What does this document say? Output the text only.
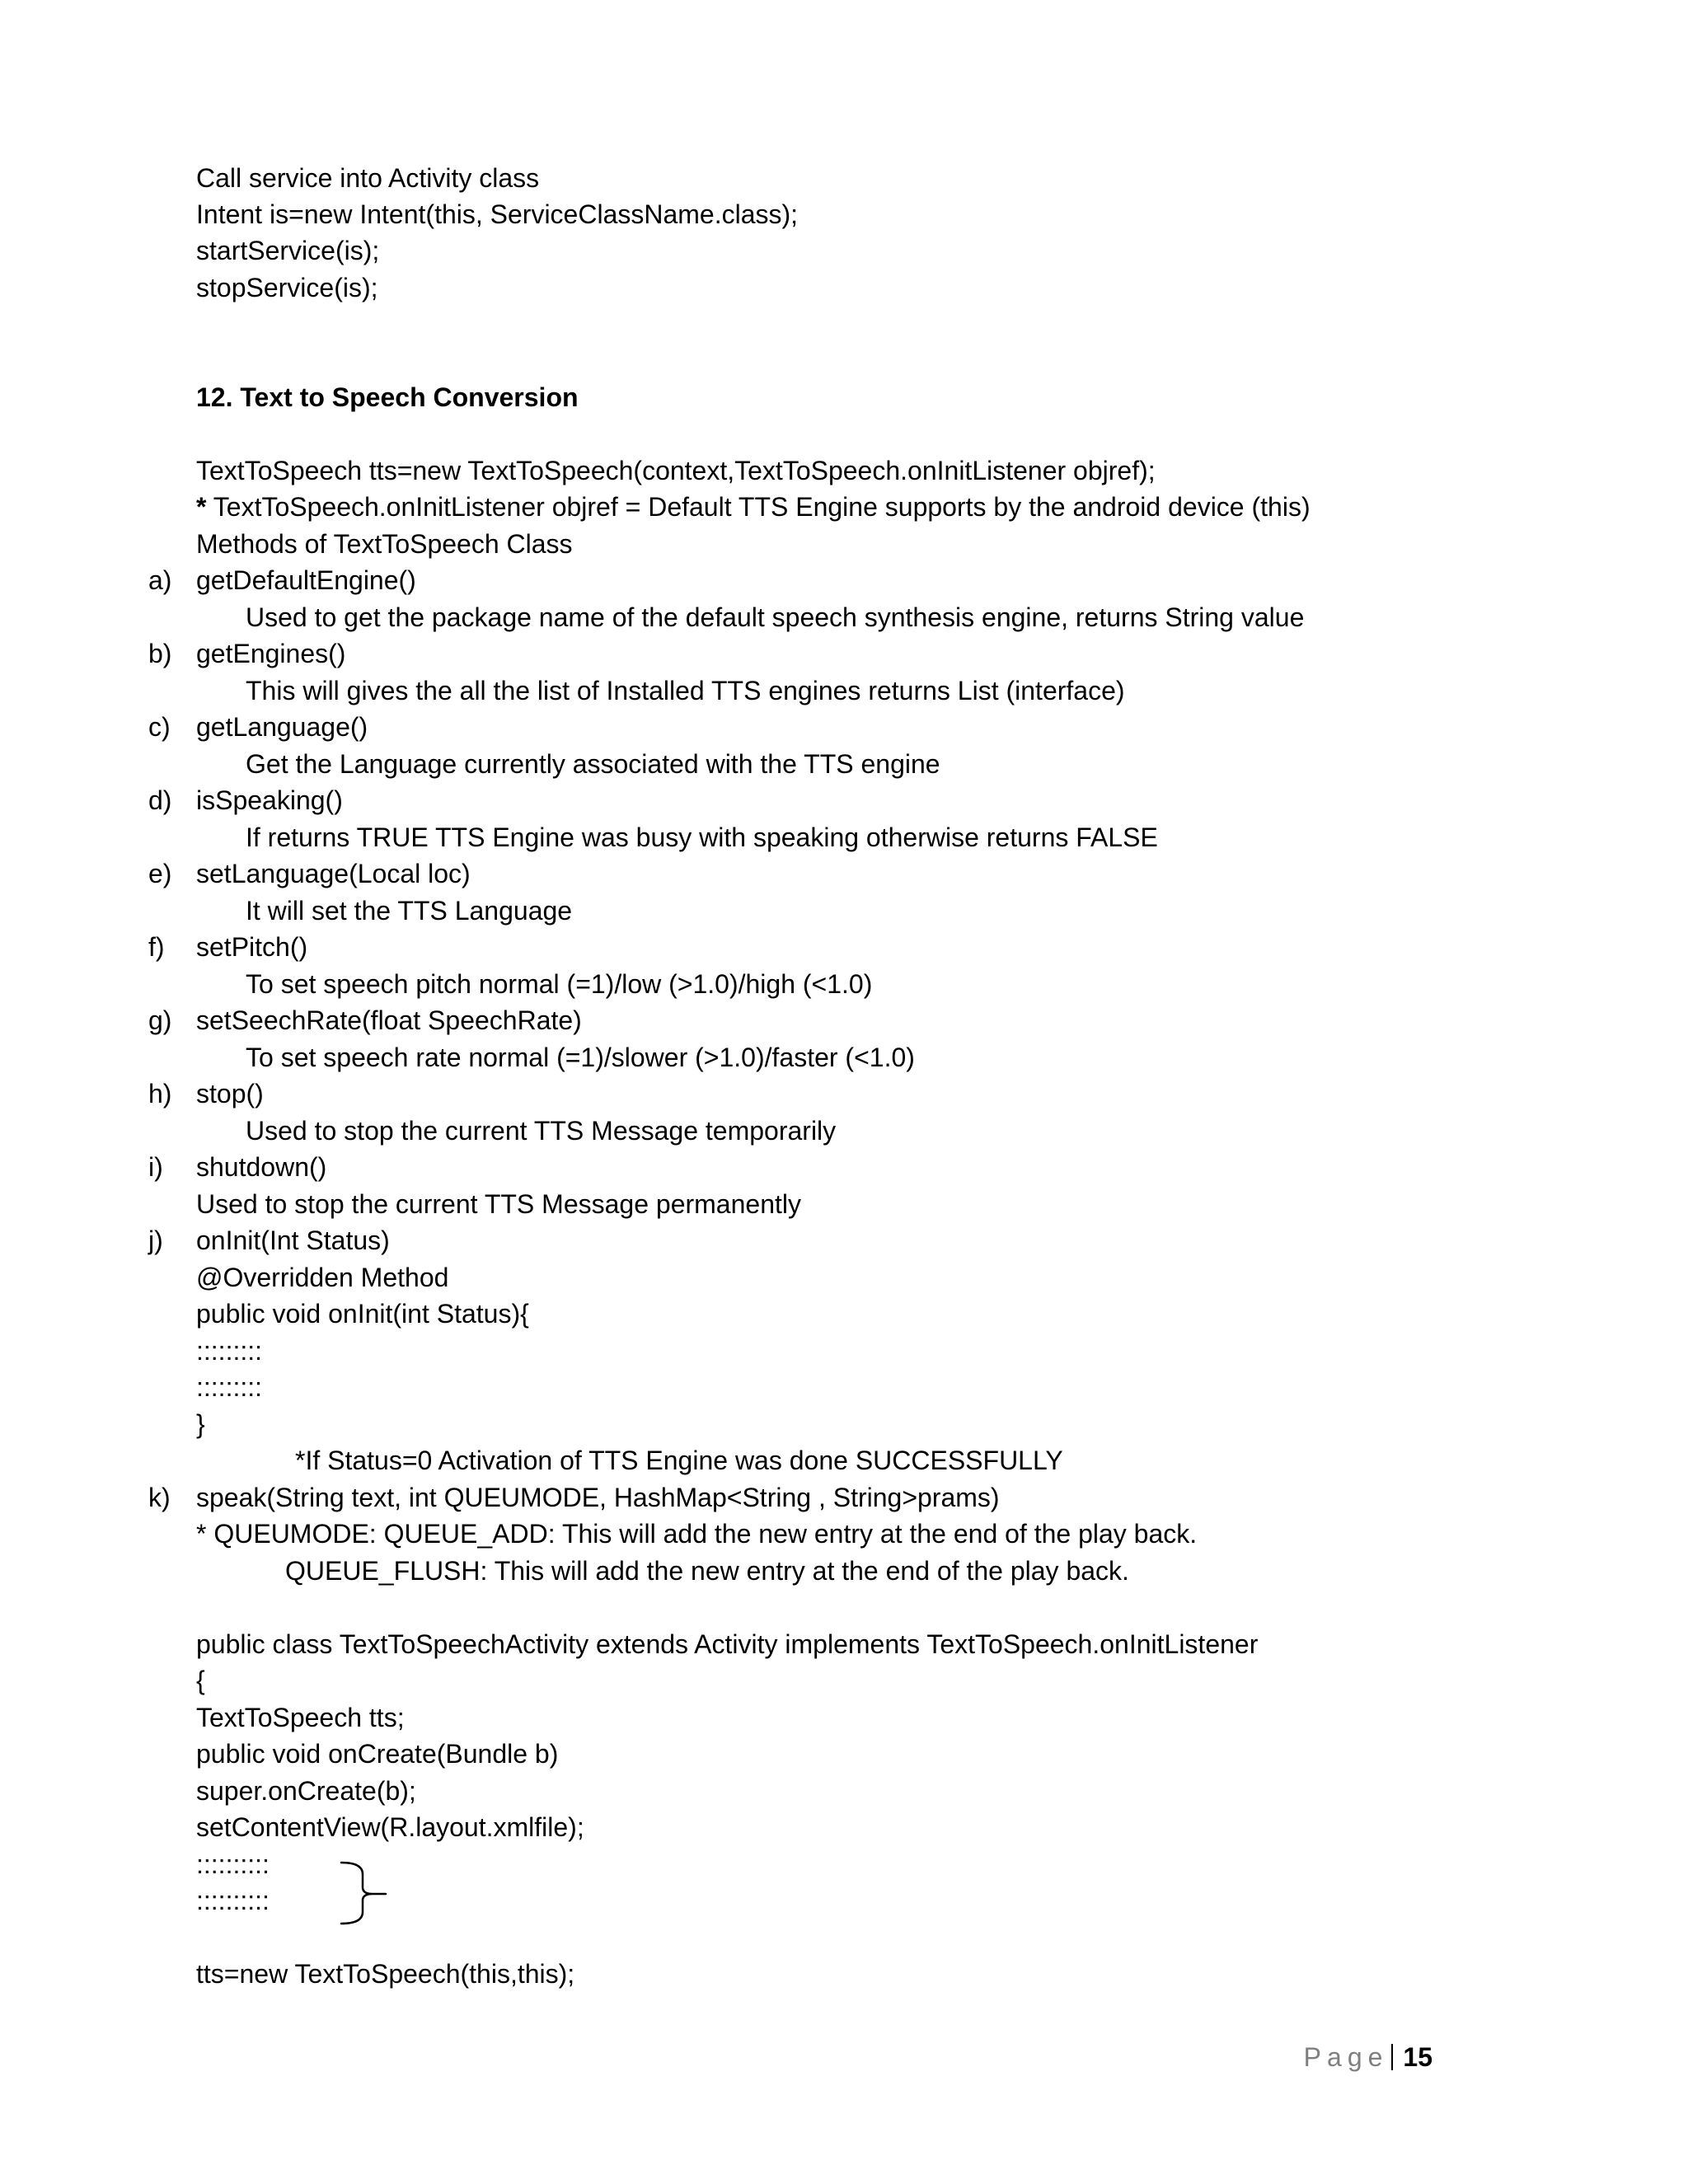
Call service into Activity class
Intent is=new Intent(this, ServiceClassName.class);
startService(is);
stopService(is);
12. Text to Speech Conversion
TextToSpeech tts=new TextToSpeech(context,TextToSpeech.onInitListener objref);
* TextToSpeech.onInitListener objref = Default TTS Engine supports by the android device (this)
Methods of TextToSpeech Class
a) getDefaultEngine()
Used to get the package name of the default speech synthesis engine, returns String value
b) getEngines()
This will gives the all the list of Installed TTS engines returns List (interface)
c) getLanguage()
Get the Language currently associated with the TTS engine
d) isSpeaking()
If returns TRUE TTS Engine was busy with speaking otherwise returns FALSE
e) setLanguage(Local loc)
It will set the TTS Language
f) setPitch()
To set speech pitch normal (=1)/low (>1.0)/high (<1.0)
g) setSeechRate(float SpeechRate)
To set speech rate normal (=1)/slower (>1.0)/faster (<1.0)
h) stop()
Used to stop the current TTS Message temporarily
i) shutdown()
Used to stop the current TTS Message permanently
j) onInit(Int Status)
@Overridden Method
public void onInit(int Status){
:::::::::
:::::::::
}
*If Status=0 Activation of TTS Engine was done SUCCESSFULLY
k) speak(String text, int QUEUMODE, HashMap<String , String>prams)
* QUEUMODE: QUEUE_ADD: This will add the new entry at the end of the play back.
QUEUE_FLUSH: This will add the new entry at the end of the play back.
public class TextToSpeechActivity extends Activity implements TextToSpeech.onInitListener
{
TextToSpeech tts;
public void onCreate(Bundle b)
super.onCreate(b);
setContentView(R.layout.xmlfile);
::::::::::
::::::::::
tts=new TextToSpeech(this,this);
Page 15
